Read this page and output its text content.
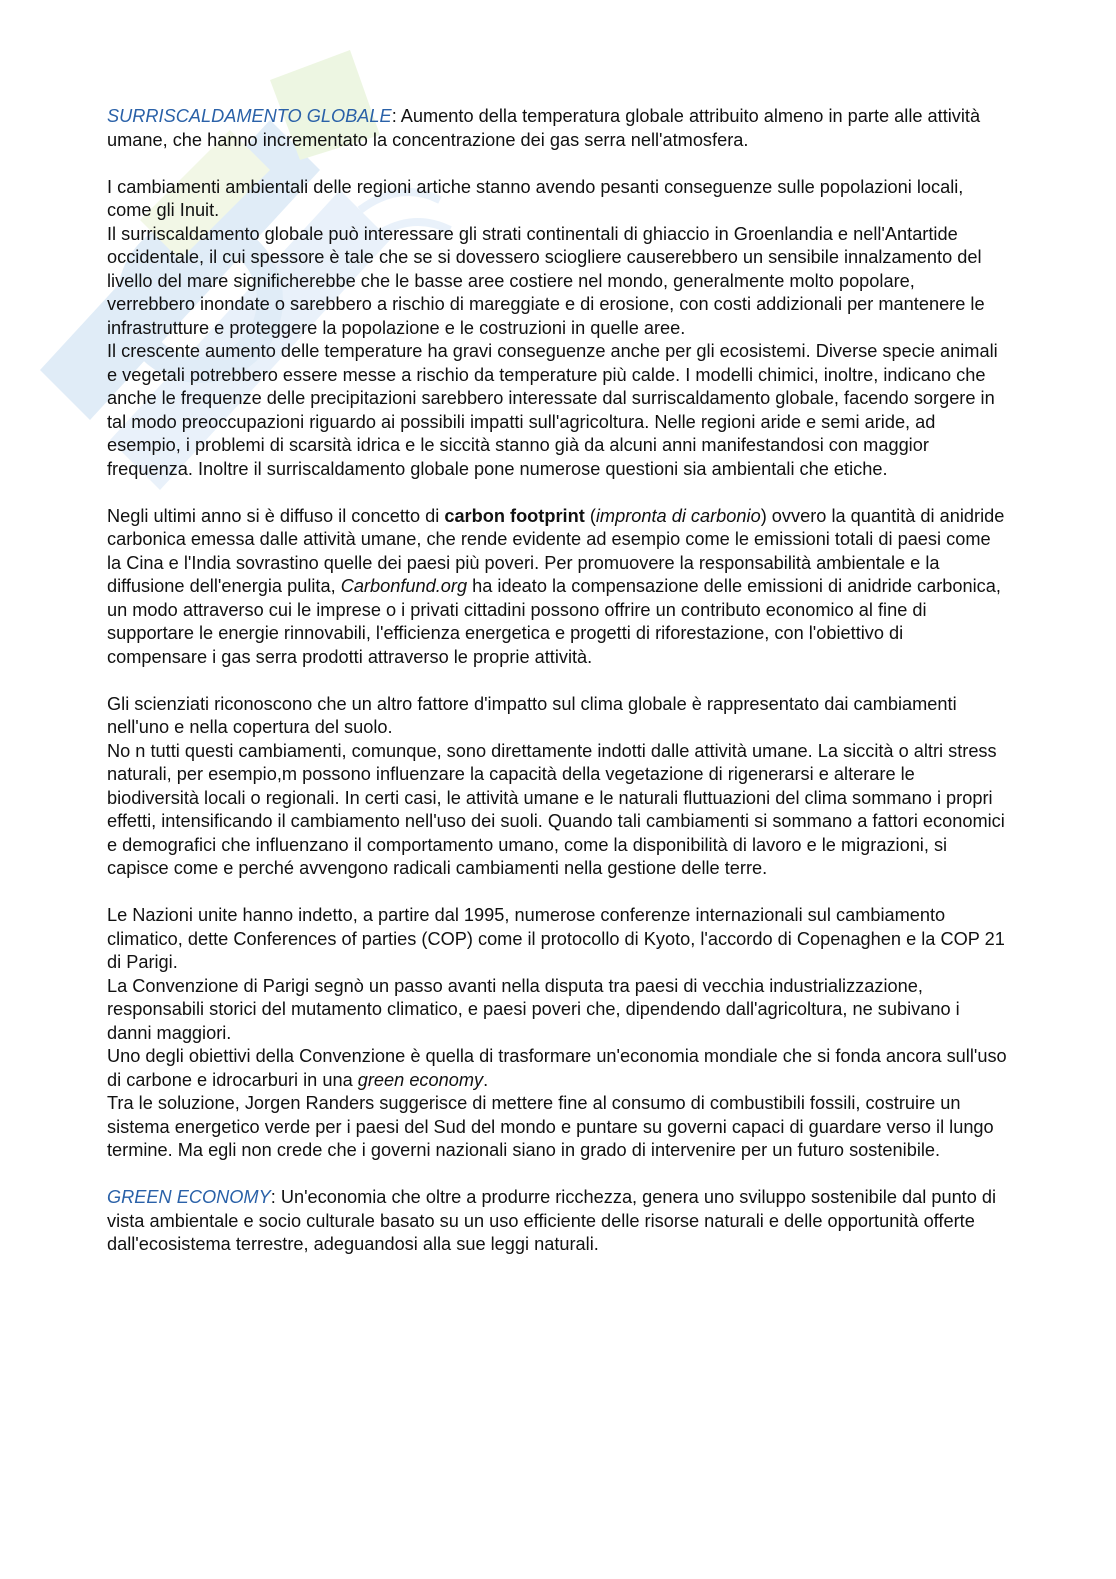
SURRISCALDAMENTO GLOBALE: Aumento della temperatura globale attribuito almeno in parte alle attività umane, che hanno incrementato la concentrazione dei gas serra nell'atmosfera.

I cambiamenti ambientali delle regioni artiche stanno avendo pesanti conseguenze sulle popolazioni locali, come gli Inuit.

Il surriscaldamento globale può interessare gli strati continentali di ghiaccio in Groenlandia e nell'Antartide occidentale, il cui spessore è tale che se si dovessero sciogliere causerebbero un sensibile innalzamento del livello del mare significherebbe che le basse aree costiere nel mondo, generalmente molto popolare, verrebbero inondate o sarebbero a rischio di mareggiate e di erosione, con costi addizionali per mantenere le infrastrutture e proteggere la popolazione e le costruzioni in quelle aree.

Il crescente aumento delle temperature ha gravi conseguenze anche per gli ecosistemi. Diverse specie animali e vegetali potrebbero essere messe a rischio da temperature più calde. I modelli chimici, inoltre, indicano che anche le frequenze delle precipitazioni sarebbero interessate dal surriscaldamento globale, facendo sorgere in tal modo preoccupazioni riguardo ai possibili impatti sull'agricoltura. Nelle regioni aride e semi aride, ad esempio, i problemi di scarsità idrica e le siccità stanno già da alcuni anni manifestandosi con maggior frequenza. Inoltre il surriscaldamento globale pone numerose questioni sia ambientali che etiche.

Negli ultimi anno si è diffuso il concetto di carbon footprint (impronta di carbonio) ovvero la quantità di anidride carbonica emessa dalle attività umane, che rende evidente ad esempio come le emissioni totali di paesi come la Cina e l'India sovrastino quelle dei paesi più poveri. Per promuovere la responsabilità ambientale e la diffusione dell'energia pulita, Carbonfund.org ha ideato la compensazione delle emissioni di anidride carbonica, un modo attraverso cui le imprese o i privati cittadini possono offrire un contributo economico al fine di supportare le energie rinnovabili, l'efficienza energetica e progetti di riforestazione, con l'obiettivo di compensare i gas serra prodotti attraverso le proprie attività.

Gli scienziati riconoscono che un altro fattore d'impatto sul clima globale è rappresentato dai cambiamenti nell'uno e nella copertura del suolo.

No n tutti questi cambiamenti, comunque, sono direttamente indotti dalle attività umane. La siccità o altri stress naturali, per esempio,m possono influenzare la capacità della vegetazione di rigenerarsi e alterare le biodiversità locali o regionali. In certi casi, le attività umane e le naturali fluttuazioni del clima sommano i propri effetti, intensificando il cambiamento nell'uso dei suoli. Quando tali cambiamenti si sommano a fattori economici e demografici che influenzano il comportamento umano, come la disponibilità di lavoro e le migrazioni, si capisce come e perché avvengono radicali cambiamenti nella gestione delle terre.

Le Nazioni unite hanno indetto, a partire dal 1995, numerose conferenze internazionali sul cambiamento climatico, dette Conferences of parties (COP) come il protocollo di Kyoto, l'accordo di Copenaghen e la COP 21 di Parigi.

La Convenzione di Parigi segnò un passo avanti nella disputa tra paesi di vecchia industrializzazione, responsabili storici del mutamento climatico, e paesi poveri che, dipendendo dall'agricoltura, ne subivano i danni maggiori.

Uno degli obiettivi della Convenzione è quella di trasformare un'economia mondiale che si fonda ancora sull'uso di carbone e idrocarburi in una green economy.

Tra le soluzione, Jorgen Randers suggerisce di mettere fine al consumo di combustibili fossili, costruire un sistema energetico verde per i paesi del Sud del mondo e puntare su governi capaci di guardare verso il lungo termine. Ma egli non crede che i governi nazionali siano in grado di intervenire per un futuro sostenibile.

GREEN ECONOMY: Un'economia che oltre a produrre ricchezza, genera uno sviluppo sostenibile dal punto di vista ambientale e socio culturale basato su un uso efficiente delle risorse naturali e delle opportunità offerte dall'ecosistema terrestre, adeguandosi alla sue leggi naturali.
